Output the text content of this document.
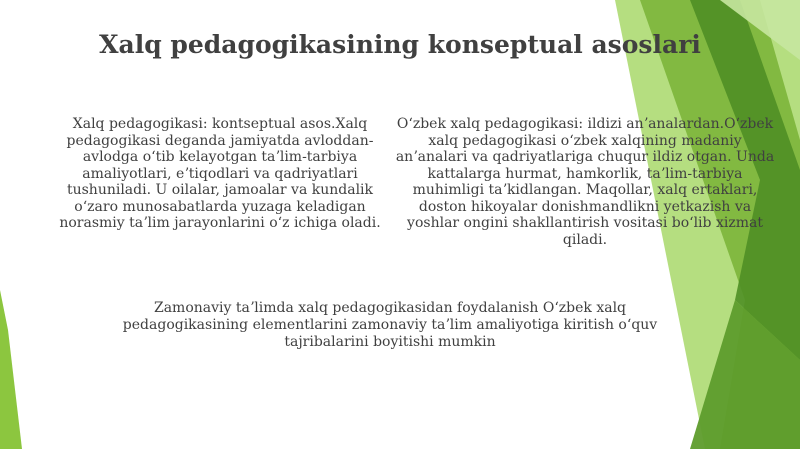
Xalq pedagogikasining konseptual asoslari

Xalq pedagogikasi: kontseptual asos.Xalq pedagogikasi deganda jamiyatda avloddan-avlodga oʻtib kelayotgan taʼlim-tarbiya amaliyotlari, eʼtiqodlari va qadriyatlari tushuniladi. U oilalar, jamoalar va kundalik oʻzaro munosabatlarda yuzaga keladigan norasmiy taʼlim jarayonlarini oʻz ichiga oladi.

Oʻzbek xalq pedagogikasi: ildizi anʼanalardan.Oʻzbek xalq pedagogikasi oʻzbek xalqining madaniy anʼanalari va qadriyatlariga chuqur ildiz otgan. Unda kattalarga hurmat, hamkorlik, taʼlim-tarbiya muhimligi taʼkidlangan. Maqollar, xalq ertaklari, doston hikoyalar donishmandlikni yetkazish va yoshlar ongini shakllantirish vositasi boʻlib xizmat qiladi.

Zamonaviy taʼlimda xalq pedagogikasidan foydalanish Oʻzbek xalq pedagogikasining elementlarini zamonaviy taʼlim amaliyotiga kiritish oʻquv tajribalarini boyitishi mumkin
